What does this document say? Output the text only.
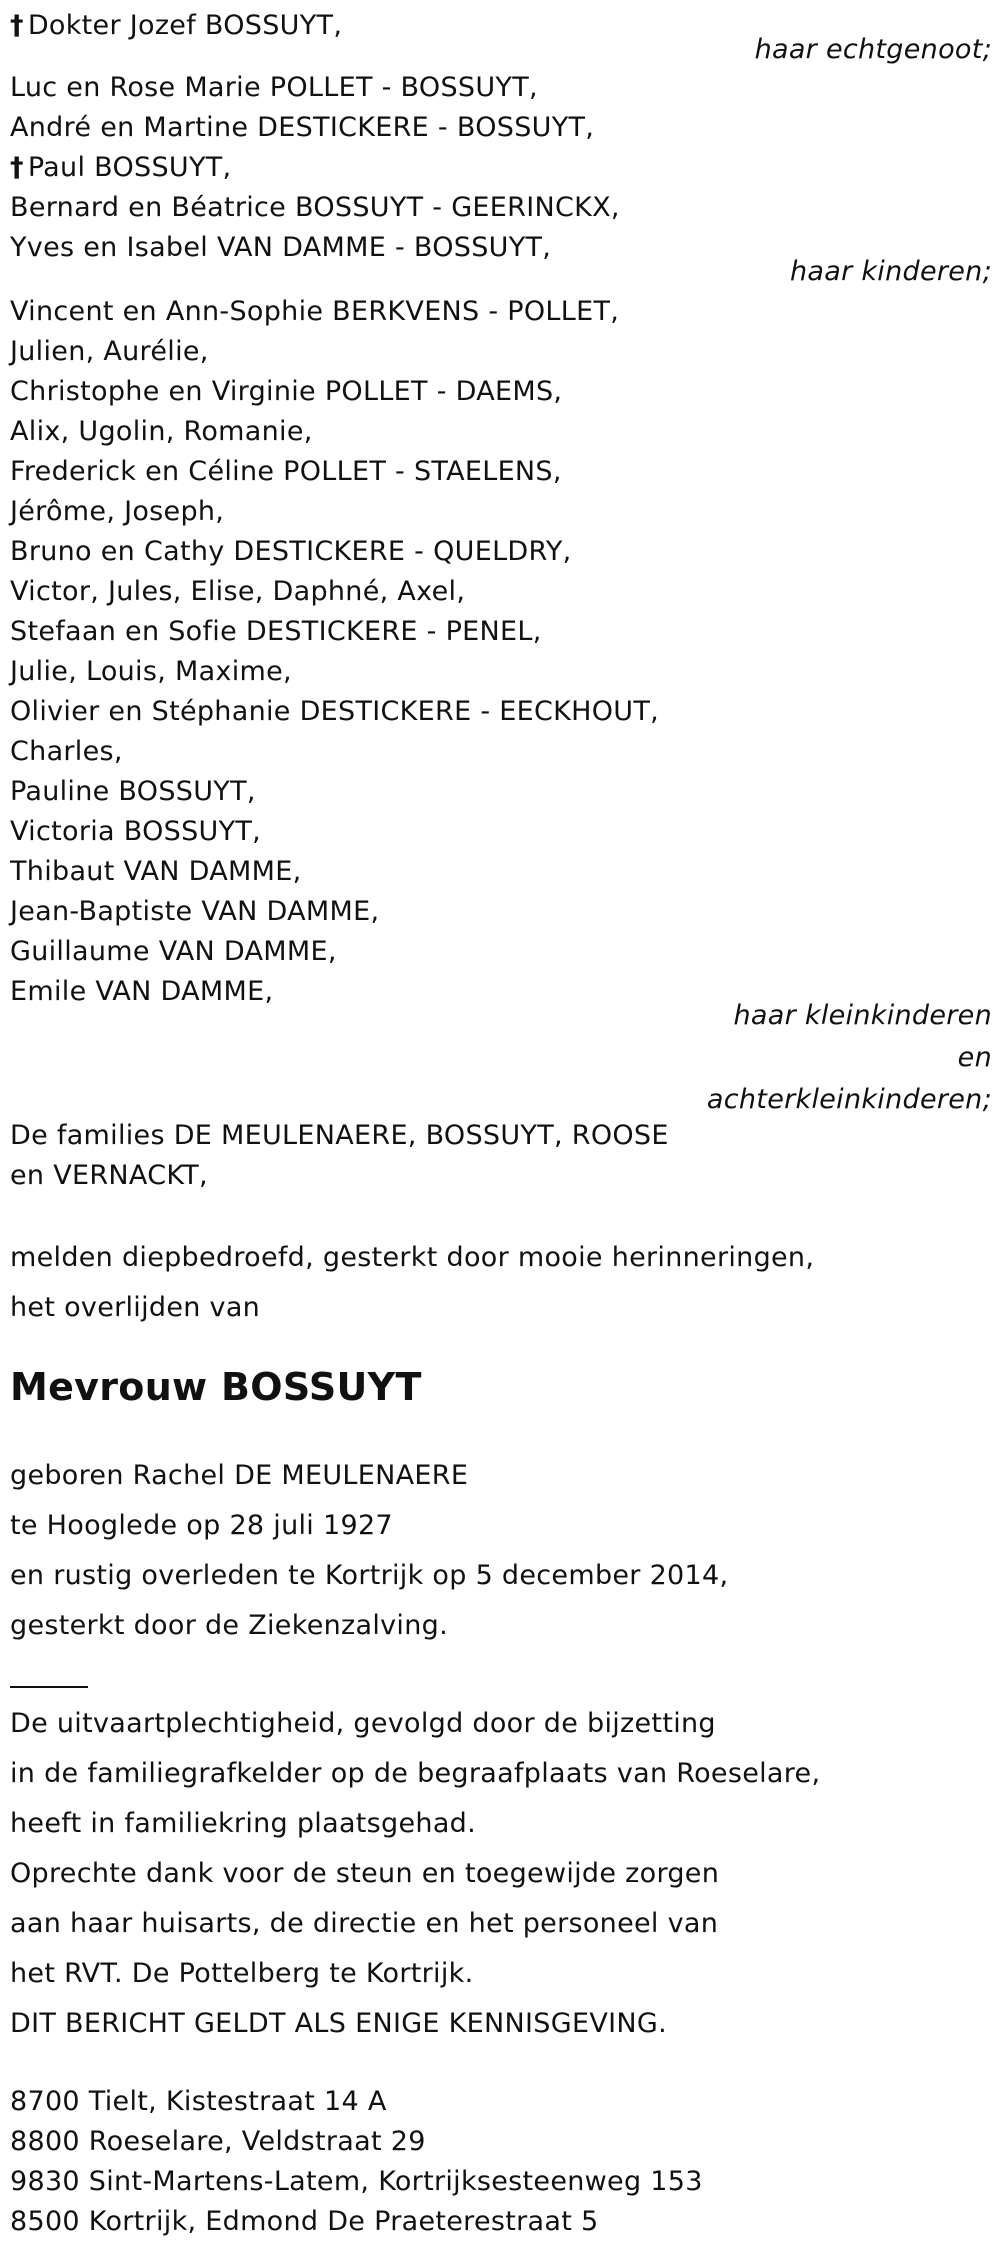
† Dokter Jozef BOSSUYT,
haar echtgenoot;
Luc en Rose Marie POLLET - BOSSUYT,
André en Martine DESTICKERE - BOSSUYT,
† Paul BOSSUYT,
Bernard en Béatrice BOSSUYT - GEERINCKX,
Yves en Isabel VAN DAMME - BOSSUYT,
haar kinderen;
Vincent en Ann-Sophie BERKVENS - POLLET,
Julien, Aurélie,
Christophe en Virginie POLLET - DAEMS,
Alix, Ugolin, Romanie,
Frederick en Céline POLLET - STAELENS,
Jérôme, Joseph,
Bruno en Cathy DESTICKERE - QUELDRY,
Victor, Jules, Elise, Daphné, Axel,
Stefaan en Sofie DESTICKERE - PENEL,
Julie, Louis, Maxime,
Olivier en Stéphanie DESTICKERE - EECKHOUT,
Charles,
Pauline BOSSUYT,
Victoria BOSSUYT,
Thibaut VAN DAMME,
Jean-Baptiste VAN DAMME,
Guillaume VAN DAMME,
Emile VAN DAMME,
haar kleinkinderen
en
achterkleinkinderen;
De families DE MEULENAERE, BOSSUYT, ROOSE
en VERNACKT,
melden diepbedroefd, gesterkt door mooie herinneringen,
het overlijden van
Mevrouw BOSSUYT
geboren Rachel DE MEULENAERE
te Hooglede op 28 juli 1927
en rustig overleden te Kortrijk op 5 december 2014,
gesterkt door de Ziekenzalving.
De uitvaartplechtigheid, gevolgd door de bijzetting
in de familiegrafkelder op de begraafplaats van Roeselare,
heeft in familiekring plaatsgehad.
Oprechte dank voor de steun en toegewijde zorgen
aan haar huisarts, de directie en het personeel van
het RVT. De Pottelberg te Kortrijk.
DIT BERICHT GELDT ALS ENIGE KENNISGEVING.
8700 Tielt, Kistestraat 14 A
8800 Roeselare, Veldstraat 29
9830 Sint-Martens-Latem, Kortrijksesteenweg 153
8500 Kortrijk, Edmond De Praeterestraat 5
